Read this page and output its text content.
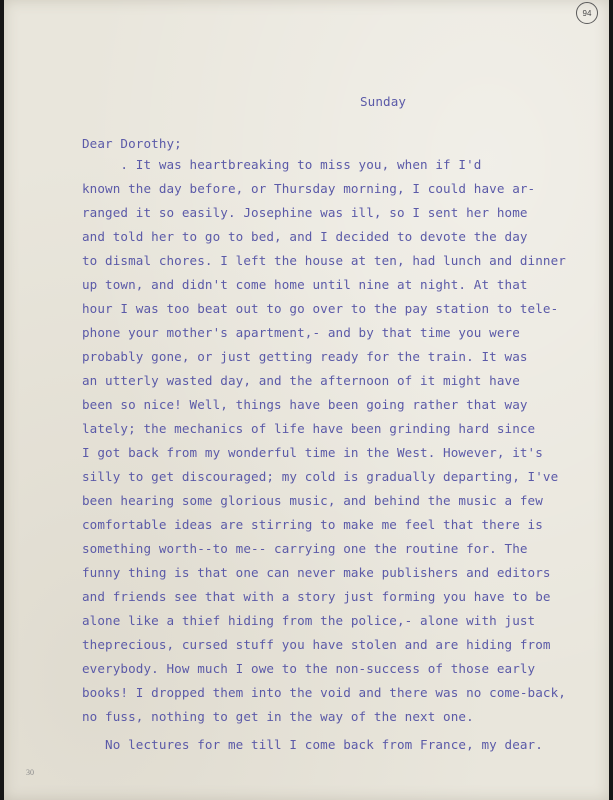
94
Sunday
Dear Dorothy;
. It was heartbreaking to miss you, when if I'd
known the day before, or Thursday morning, I could have ar-
ranged it so easily. Josephine was ill, so I sent her home
and told her to go to bed, and I decided to devote the day
to dismal chores. I left the house at ten, had lunch and dinner
up town, and didn't come home until nine at night. At that
hour I was too beat out to go over to the pay station to tele-
phone your mother's apartment,- and by that time you were
probably gone, or just getting ready for the train. It was
an utterly wasted day, and the afternoon of it might have
been so nice! Well, things have been going rather that way
lately; the mechanics of life have been grinding hard since
I got back from my wonderful time in the West. However, it's
silly to get discouraged; my cold is gradually departing, I've
been hearing some glorious music, and behind the music a few
comfortable ideas are stirring to make me feel that there is
something worth--to me-- carrying one the routine for. The
funny thing is that one can never make publishers and editors
and friends see that with a story just forming you have to be
alone like a thief hiding from the police,- alone with just
theprecious, cursed stuff you have stolen and are hiding from
everybody. How much I owe to the non-success of those early
books! I dropped them into the void and there was no come-back,
no fuss, nothing to get in the way of the next one.
No lectures for me till I come back from France, my dear.
30
